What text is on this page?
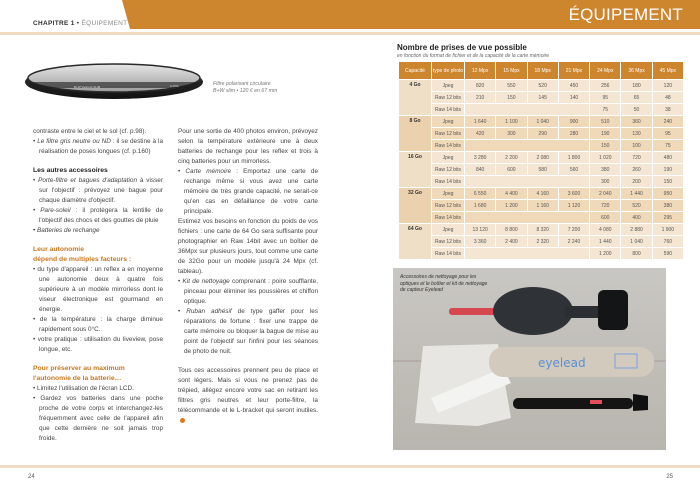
CHAPITRE 1 • ÉQUIPEMENT	ÉQUIPEMENT
B+W Vanners SLIM	C-POL	Filtre polarisant circulaire
B+W slim • 120 € en 67 mm

contraste entre le ciel et le sol (cf. p.98).

• Le filtre gris neutre ou ND : il se destine à la réalisation de poses longues (cf. p.160)

Les autres accessoires

• Porte-filtre et bagues d'adaptation à visser sur l'objectif : prévoyez une bague pour chaque diamètre d'objectif.

• Pare-soleil : il protègera la lentille de l'objectif des chocs et des gouttes de pluie

• Batteries de rechange

Leur autonomie
dépend de multiples facteurs :

• du type d'appareil : un reflex a en moyenne une autonomie deux à quatre fois supérieure à un modèle mirrorless dont le viseur électronique est gourmand en énergie.

• de la température : la charge diminue rapidement sous 0°C.

• votre pratique : utilisation du liveview, pose longue, etc.

Pour préserver au maximum
l'autonomie de la batterie…

• Limitez l'utilisation de l'écran LCD.

• Gardez vos batteries dans une poche proche de votre corps et interchangez-les fréquemment avec celle de l'appareil afin que cette dernière ne soit jamais trop froide.

Pour une sortie de 400 photos environ, prévoyez selon la température extérieure une à deux batteries de rechange pour les reflex et trois à cinq batteries pour un mirrorless.

• Carte mémoire : Emportez une carte de rechange même si vous avez une carte mémoire de très grande capacité, ne serait-ce qu'en cas en défaillance de votre carte principale.

Estimez vos besoins en fonction du poids de vos fichiers : une carte de 64 Go sera suffisante pour photographier en Raw 14bit avec un boîtier de 36Mpx sur plusieurs jours, tout comme une carte de 32Go pour un modèle jusqu'à 24 Mpx (cf. tableau).

• Kit de nettoyage comprenant : poire soufflante, pinceau pour éliminer les poussières et chiffon optique.

• Ruban adhésif de type gaffer pour les réparations de fortune : fixer une trappe de carte mémoire ou bloquer la bague de mise au point de l'objectif sur l'infini pour les séances de photo de nuit.

Tous ces accessoires prennent peu de place et sont légers. Mais si vous ne prenez pas de trépied, allégez encore votre sac en retirant les filtres gris neutres et leur porte-filtre, la télécommande et le L-bracket qui seront inutiles.

Nombre de prises de vue possible
en fonction du format de fichier et de la capacité de la carte mémoire
Capacité	type de photo	12 Mpx	15 Mpx	18 Mpx	21 Mpx	24 Mpx	36 Mpx	45 Mpx
4 Go	Jpeg	820	550	520	450	256	180	120
	Raw 12 bits	210	150	145	140	95	65	48
	Raw 14 bits					75	50	38
8 Go	Jpeg	1 640	1 100	1 040	900	510	360	240
	Raw 12 bits	420	300	290	280	190	130	95
	Raw 14 bits					150	100	75
16 Go	Jpeg	3 280	2 200	2 080	1 800	1 020	720	480
	Raw 12 bits	840	600	580	560	380	260	190
	Raw 14 bits					300	200	150
32 Go	Jpeg	6 550	4 400	4 160	3 600	2 040	1 440	950
	Raw 12 bits	1 680	1 200	1 160	1 120	720	520	380
	Raw 14 bits					600	400	295
64 Go	Jpeg	13 120	8 800	8 320	7 200	4 080	2 880	1 900
	Raw 12 bits	3 360	2 400	2 320	2 240	1 440	1 040	760
	Raw 14 bits					1 200	800	590
Accessoires de nettoyage pour les optiques et le boîtier et kit de nettoyage de capteur Eyelead
eyelead
24	25
